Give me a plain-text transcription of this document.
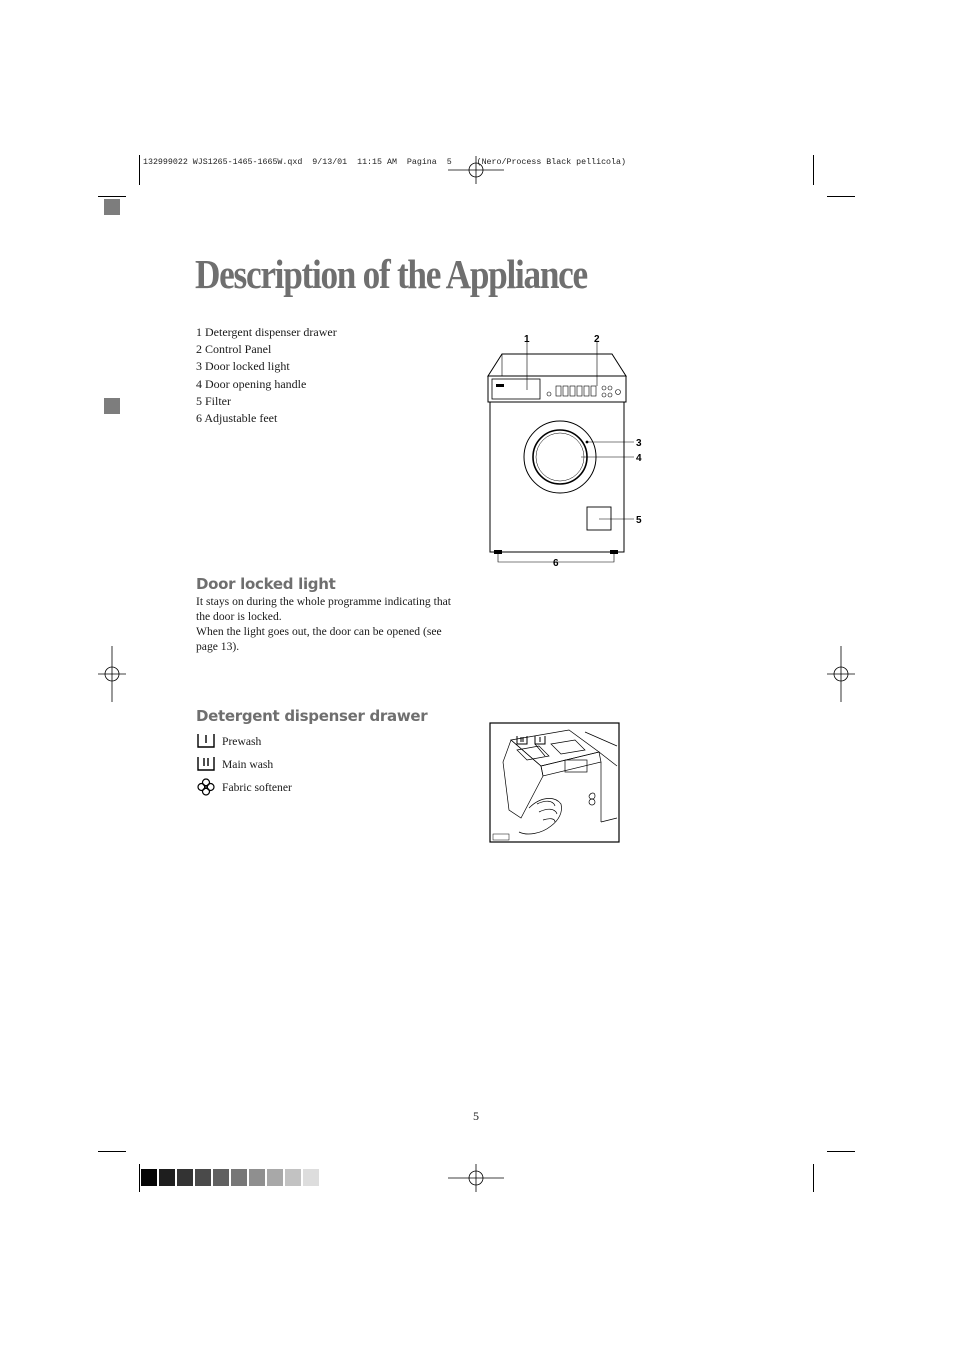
132999022 WJS1265-1465-1665W.qxd  9/13/01  11:15 AM  Pagina  5     (Nero/Process Black pellicola)
Description of the Appliance
1 Detergent dispenser drawer
2 Control Panel
3 Door locked light
4 Door opening handle
5 Filter
6 Adjustable feet
1	2
3
4
5
6
Door locked light
It stays on during the whole programme indicating that
the door is locked.
When the light goes out, the door can be opened (see
page 13).
Detergent dispenser drawer
Prewash
Main wash
Fabric softener
5
